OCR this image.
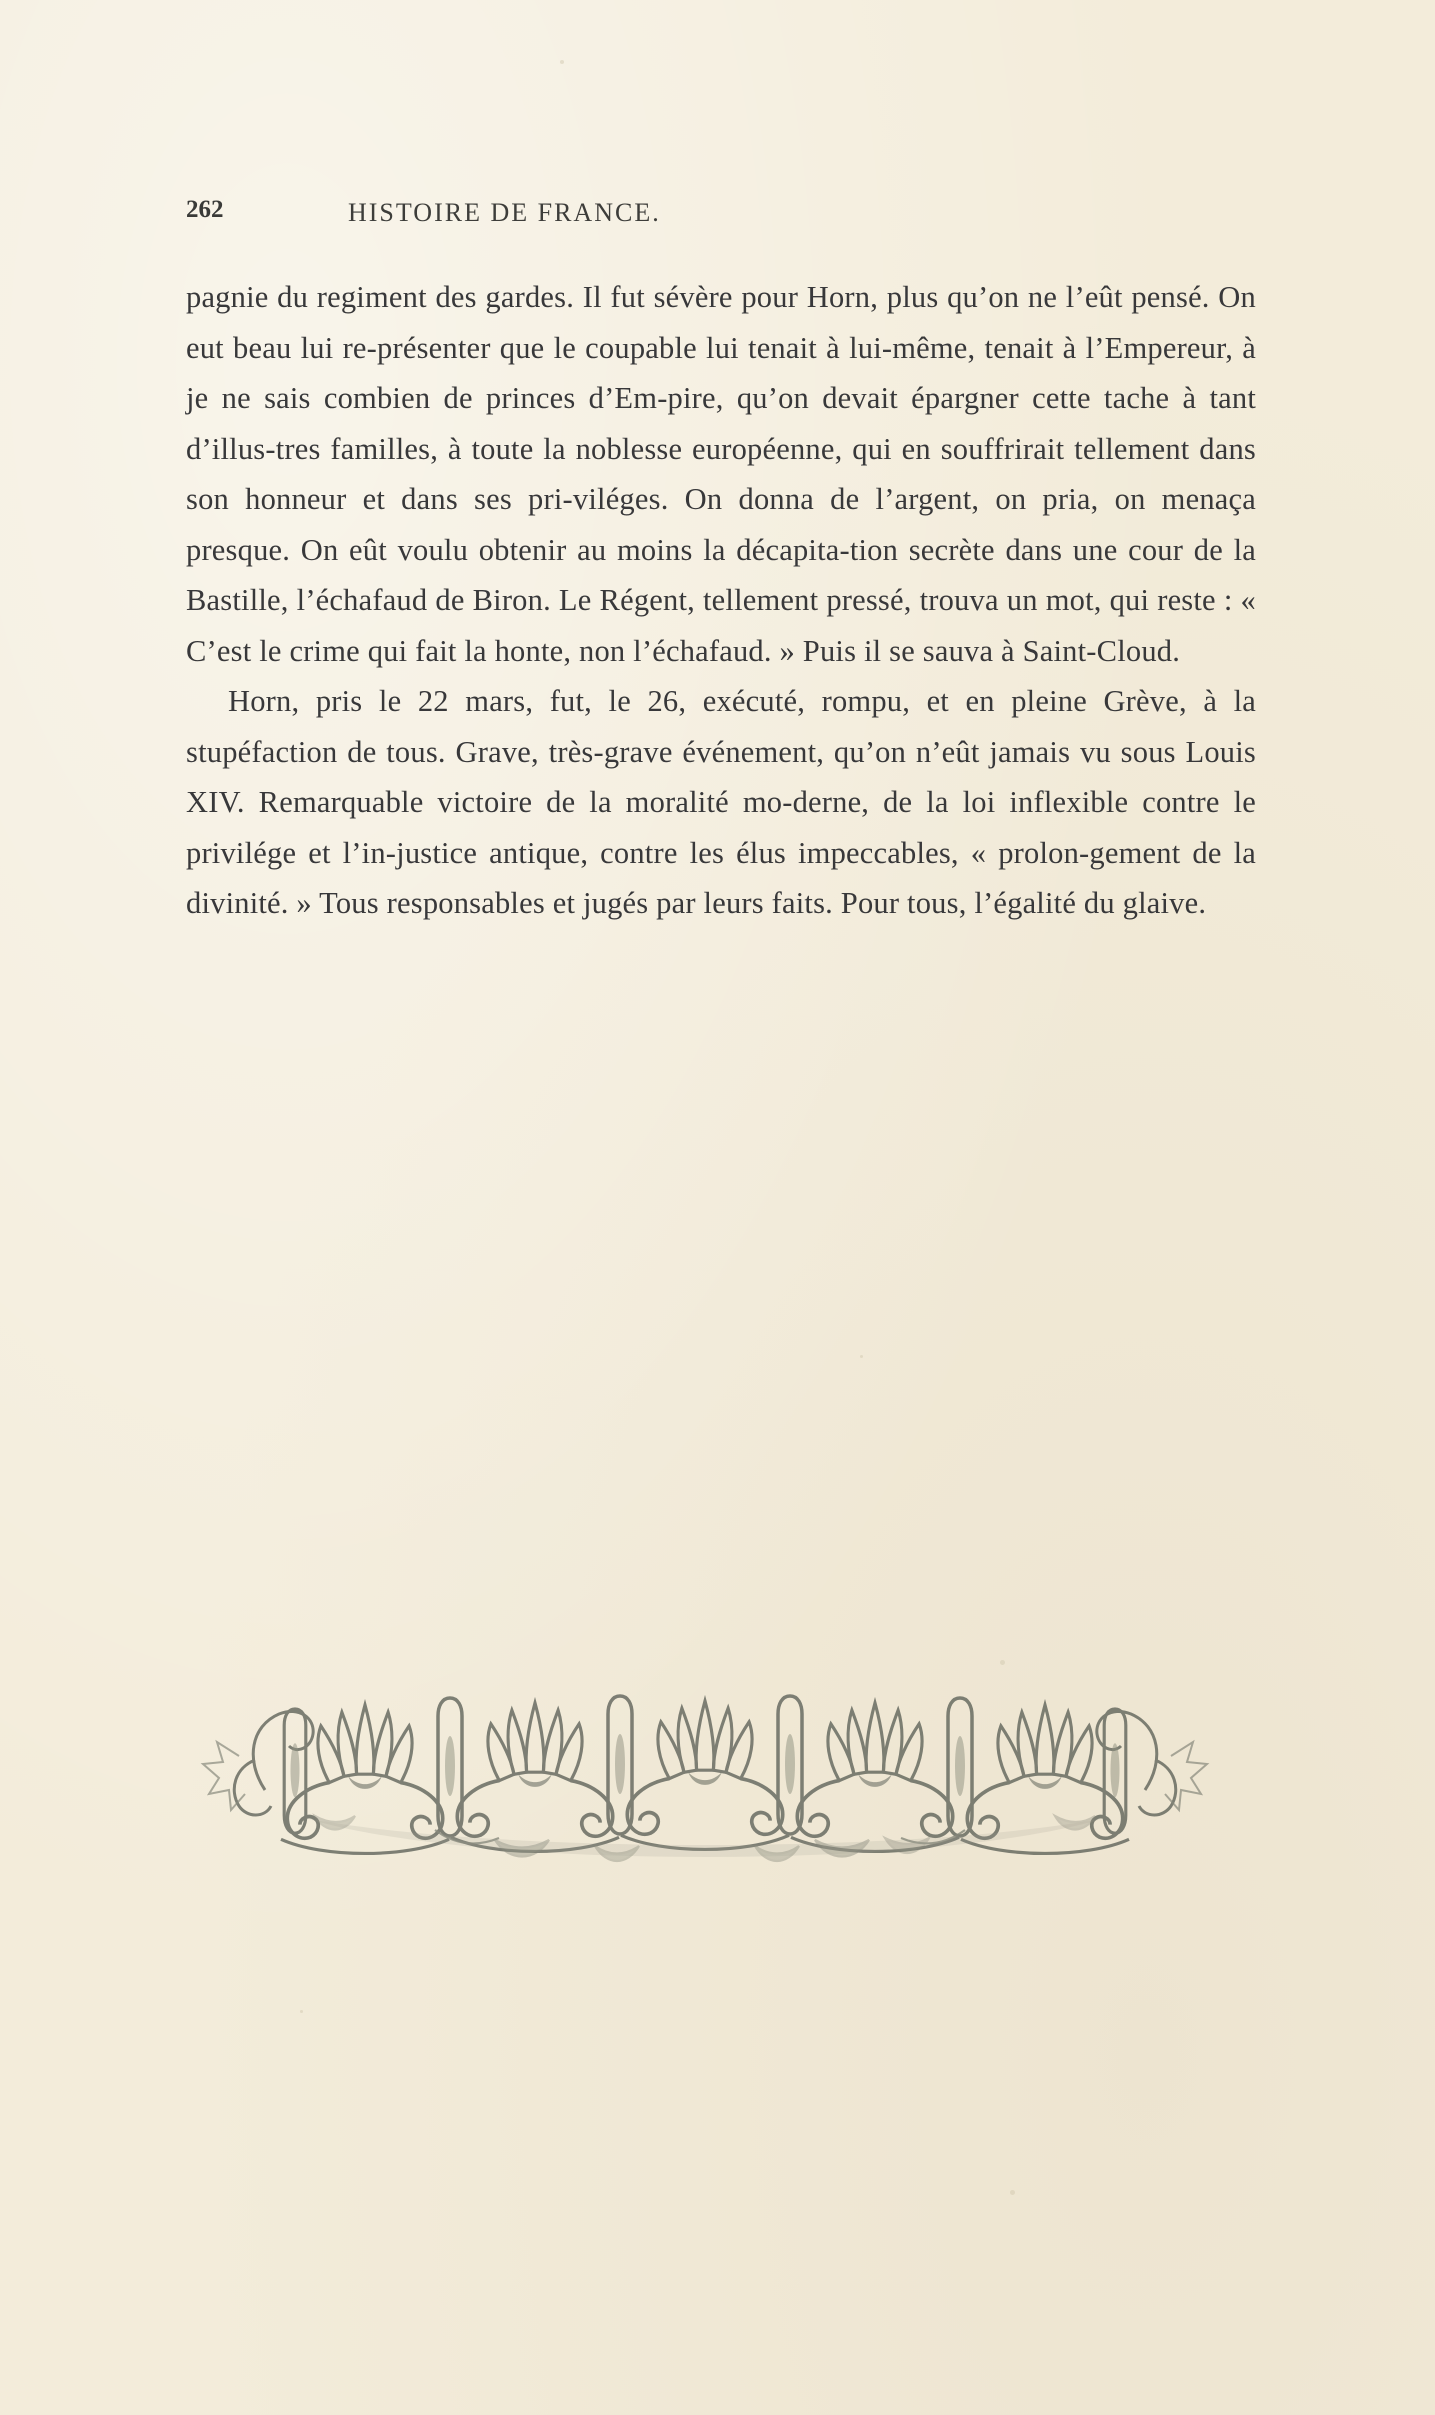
262	HISTOIRE DE FRANCE.

pagnie du regiment des gardes. Il fut sévère pour Horn, plus qu’on ne l’eût pensé. On eut beau lui re-présenter que le coupable lui tenait à lui-même, tenait à l’Empereur, à je ne sais combien de princes d’Em-pire, qu’on devait épargner cette tache à tant d’illus-tres familles, à toute la noblesse européenne, qui en souffrirait tellement dans son honneur et dans ses pri-viléges. On donna de l’argent, on pria, on menaça presque. On eût voulu obtenir au moins la décapita-tion secrète dans une cour de la Bastille, l’échafaud de Biron. Le Régent, tellement pressé, trouva un mot, qui reste : « C’est le crime qui fait la honte, non l’échafaud. » Puis il se sauva à Saint-Cloud.

Horn, pris le 22 mars, fut, le 26, exécuté, rompu, et en pleine Grève, à la stupéfaction de tous. Grave, très-grave événement, qu’on n’eût jamais vu sous Louis XIV. Remarquable victoire de la moralité mo-derne, de la loi inflexible contre le privilége et l’in-justice antique, contre les élus impeccables, « prolon-gement de la divinité. » Tous responsables et jugés par leurs faits. Pour tous, l’égalité du glaive.
